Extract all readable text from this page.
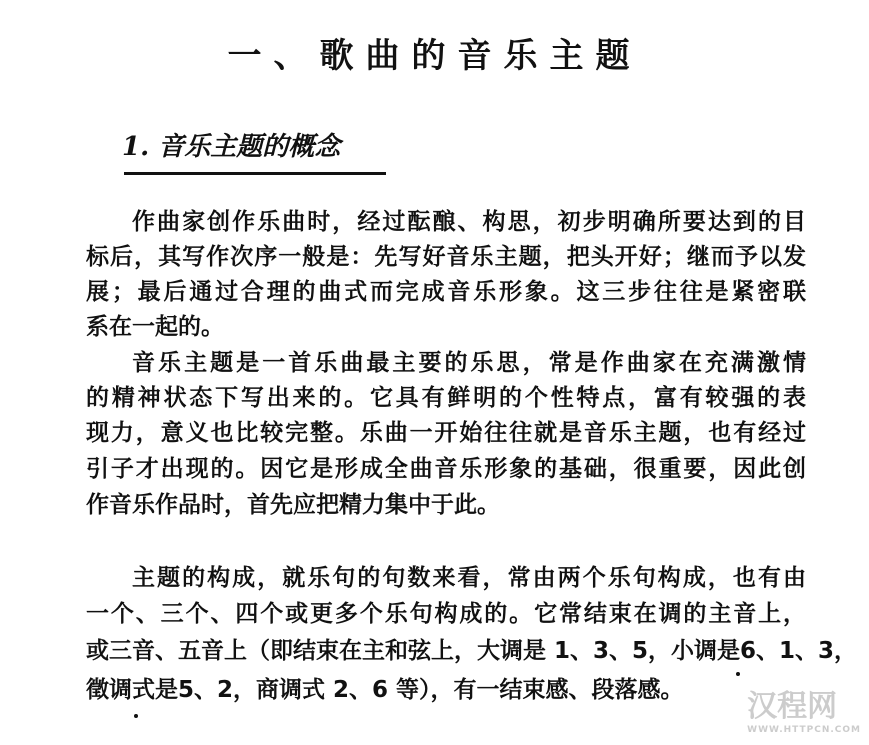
一、歌曲的音乐主题
1. 音乐主题的概念
作曲家创作乐曲时，经过酝酿、构思，初步明确所要达到的目
标后，其写作次序一般是：先写好音乐主题，把头开好；继而予以发
展；最后通过合理的曲式而完成音乐形象。这三步往往是紧密联
系在一起的。
音乐主题是一首乐曲最主要的乐思，常是作曲家在充满激情
的精神状态下写出来的。它具有鲜明的个性特点，富有较强的表
现力，意义也比较完整。乐曲一开始往往就是音乐主题，也有经过
引子才出现的。因它是形成全曲音乐形象的基础，很重要，因此创
作音乐作品时，首先应把精力集中于此。
主题的构成，就乐句的句数来看，常由两个乐句构成，也有由
一个、三个、四个或更多个乐句构成的。它常结束在调的主音上，
或三音、五音上（即结束在主和弦上，大调是 1、3、5，小调是6、1、3，
徵调式是5、2，商调式 2、6 等），有一结束感、段落感。	汉程网
WWW.HTTPCN.COM
